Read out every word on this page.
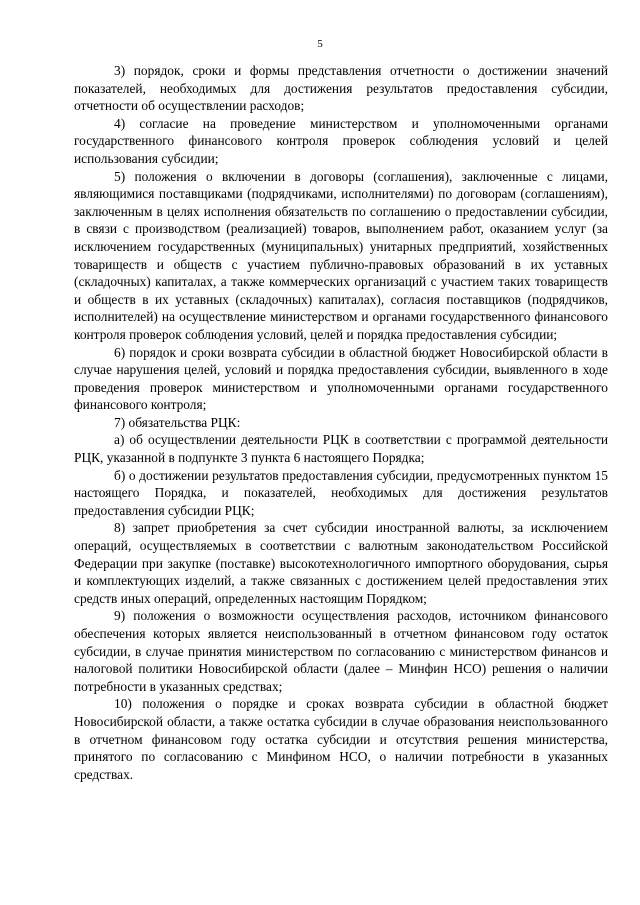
5

3) порядок, сроки и формы представления отчетности о достижении значений показателей, необходимых для достижения результатов предоставления субсидии, отчетности об осуществлении расходов;

4) согласие на проведение министерством и уполномоченными органами государственного финансового контроля проверок соблюдения условий и целей использования субсидии;

5) положения о включении в договоры (соглашения), заключенные с лицами, являющимися поставщиками (подрядчиками, исполнителями) по договорам (соглашениям), заключенным в целях исполнения обязательств по соглашению о предоставлении субсидии, в связи с производством (реализацией) товаров, выполнением работ, оказанием услуг (за исключением государственных (муниципальных) унитарных предприятий, хозяйственных товариществ и обществ с участием публично-правовых образований в их уставных (складочных) капиталах, а также коммерческих организаций с участием таких товариществ и обществ в их уставных (складочных) капиталах), согласия поставщиков (подрядчиков, исполнителей) на осуществление министерством и органами государственного финансового контроля проверок соблюдения условий, целей и порядка предоставления субсидии;

6) порядок и сроки возврата субсидии в областной бюджет Новосибирской области в случае нарушения целей, условий и порядка предоставления субсидии, выявленного в ходе проведения проверок министерством и уполномоченными органами государственного финансового контроля;

7) обязательства РЦК:

а) об осуществлении деятельности РЦК в соответствии с программой деятельности РЦК, указанной в подпункте 3 пункта 6 настоящего Порядка;

б) о достижении результатов предоставления субсидии, предусмотренных пунктом 15 настоящего Порядка, и показателей, необходимых для достижения результатов предоставления субсидии РЦК;

8) запрет приобретения за счет субсидии иностранной валюты, за исключением операций, осуществляемых в соответствии с валютным законодательством Российской Федерации при закупке (поставке) высокотехнологичного импортного оборудования, сырья и комплектующих изделий, а также связанных с достижением целей предоставления этих средств иных операций, определенных настоящим Порядком;

9) положения о возможности осуществления расходов, источником финансового обеспечения которых является неиспользованный в отчетном финансовом году остаток субсидии, в случае принятия министерством по согласованию с министерством финансов и налоговой политики Новосибирской области (далее – Минфин НСО) решения о наличии потребности в указанных средствах;

10) положения о порядке и сроках возврата субсидии в областной бюджет Новосибирской области, а также остатка субсидии в случае образования неиспользованного в отчетном финансовом году остатка субсидии и отсутствия решения министерства, принятого по согласованию с Минфином НСО, о наличии потребности в указанных средствах.
